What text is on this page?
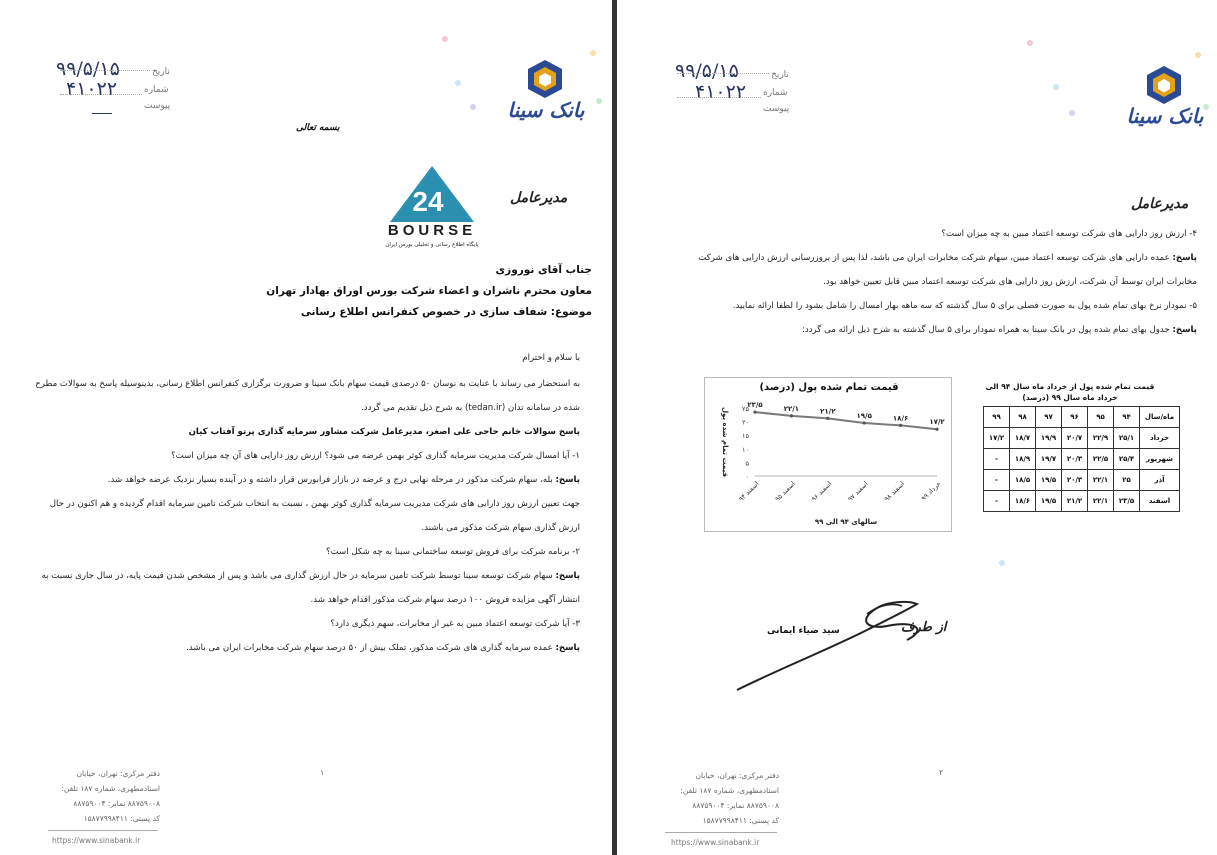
تاریخ
شماره
پیوست
۹۹/۵/۱۵
۴۱۰۲۲
بانک سینا
بسمه تعالی
مدیرعامل
24
BOURSE
پایگاه اطلاع رسانی و تحلیلی بورس ایران
جناب آقای نوروزی
معاون محترم ناشران و اعضاء شرکت بورس اوراق بهادار تهران
موضوع: شفاف سازی در خصوص کنفرانس اطلاع رسانی
با سلام و احترام
به استحضار می رساند با عنایت به نوسان ۵۰ درصدی قیمت سهام بانک سینا و ضرورت برگزاری کنفرانس اطلاع رسانی، بدینوسیله پاسخ به سوالات مطرح شده در سامانه تدان (tedan.ir) به شرح ذیل تقدیم می گردد.
پاسخ سوالات خانم حاجی علی اصغر، مدیرعامل شرکت مشاور سرمایه گذاری پرتو آفتاب کیان
۱- آیا امسال شرکت مدیریت سرمایه گذاری کوثر بهمن عرضه می شود؟ ارزش روز دارایی های آن چه میزان است؟
پاسخ: بله، سهام شرکت مذکور در مرحله نهایی درج و عرضه در بازار فرابورس قرار داشته و در آینده بسیار نزدیک عرضه خواهد شد.
جهت تعیین ارزش روز دارایی های شرکت مدیریت سرمایه گذاری کوثر بهمن ، نسبت به انتخاب شرکت تامین سرمایه اقدام گردیده و هم اکنون در حال ارزش گذاری سهام شرکت مذکور می باشند.
۲- برنامه شرکت برای فروش توسعه ساختمانی سینا به چه شکل است؟
پاسخ: سهام شرکت توسعه سینا توسط شرکت تامین سرمایه در حال ارزش گذاری می باشد و پس از مشخص شدن قیمت پایه، در سال جاری نسبت به انتشار آگهی مزایده فروش ۱۰۰ درصد سهام شرکت مذکور اقدام خواهد شد.
۳- آیا شرکت توسعه اعتماد مبین به غیر از مخابرات، سهم دیگری دارد؟
پاسخ: عمده سرمایه گذاری های شرکت مذکور، تملک بیش از ۵۰ درصد سهام شرکت مخابرات ایران می باشد.
۱
دفتر مرکزی: تهران، خیابان
استادمطهری، شماره ۱۸۷ تلفن:
۸۸۷۵۹۰۰۸ نمابر: ۸۸۷۵۹۰۰۴
کد پستی: ۱۵۸۷۷۹۹۸۴۱۱
https://www.sinabank.ir
تاریخ
شماره
پیوست
۹۹/۵/۱۵
۴۱۰۲۲
بانک سینا
مدیرعامل
۴- ارزش روز دارایی های شرکت توسعه اعتماد مبین به چه میزان است؟
پاسخ: عمده دارایی های شرکت توسعه اعتماد مبین، سهام شرکت مخابرات ایران می باشد، لذا پس از بروزرسانی ارزش دارایی های شرکت مخابرات ایران توسط آن شرکت، ارزش روز دارایی های شرکت توسعه اعتماد مبین قابل تعیین خواهد بود.
۵- نمودار نرخ بهای تمام شده پول به صورت فصلی برای ۵ سال گذشته که سه ماهه بهار امسال را شامل بشود را لطفا ارائه نمایید.
پاسخ: جدول بهای تمام شده پول در بانک سینا به همراه نمودار برای ۵ سال گذشته به شرح ذیل ارائه می گردد:
قیمت تمام شده پول (درصد)
۰
۵
۱۰
۱۵
۲۰
۲۵
قیمت تمام شده پول
۲۳/۵
اسفند ۹۴
۲۲/۱
اسفند ۹۵
۲۱/۲
اسفند ۹۶
۱۹/۵
اسفند ۹۷
۱۸/۶
اسفند ۹۸
۱۷/۲
خرداد ۹۹
سالهای ۹۴ الی ۹۹
قیمت تمام شده پول از خرداد ماه سال ۹۴ الی خرداد ماه سال ۹۹ (درصد)
ماه/سال	۹۴	۹۵	۹۶	۹۷	۹۸	۹۹
خرداد	۲۵/۱	۲۲/۹	۲۰/۷	۱۹/۹	۱۸/۷	۱۷/۲
شهریور	۲۵/۴	۲۲/۵	۲۰/۳	۱۹/۷	۱۸/۹	-
آذر	۲۵	۲۲/۱	۲۰/۳	۱۹/۵	۱۸/۵	-
اسفند	۲۳/۵	۲۲/۱	۲۱/۲	۱۹/۵	۱۸/۶	-
سید ضیاء ایمانی	از طرف
۲
دفتر مرکزی: تهران، خیابان
استادمطهری، شماره ۱۸۷ تلفن:
۸۸۷۵۹۰۰۸ نمابر: ۸۸۷۵۹۰۰۴
کد پستی: ۱۵۸۷۷۹۹۸۴۱۱
https://www.sinabank.ir
